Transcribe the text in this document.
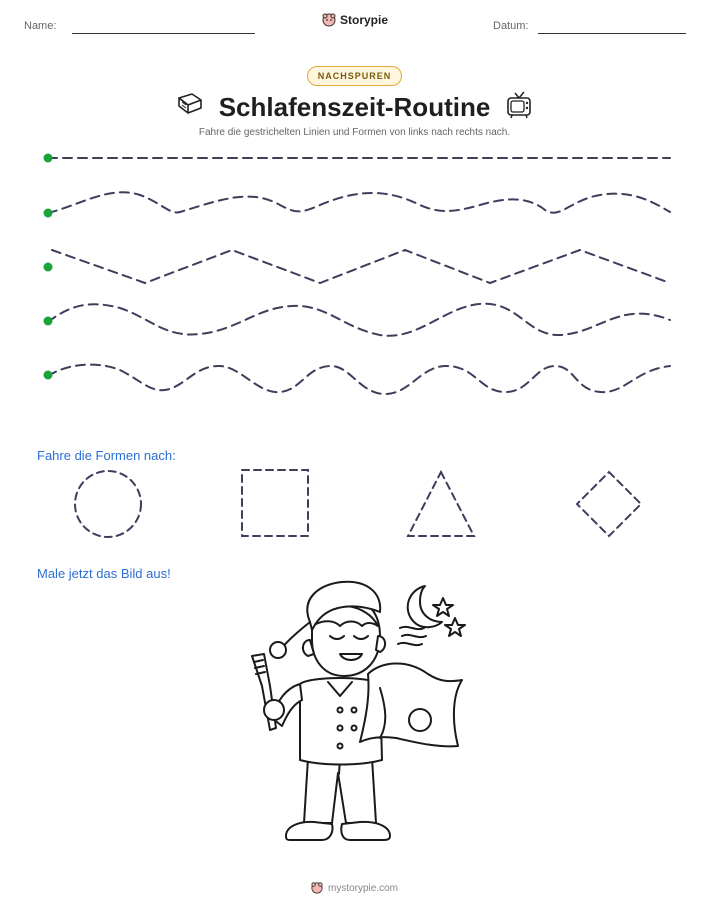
Name:	Storypie	Datum:
NACHSPUREN
Schlafenszeit-Routine
Fahre die gestrichelten Linien und Formen von links nach rechts nach.
Fahre die Formen nach:
Male jetzt das Bild aus!
mystorypie.com
